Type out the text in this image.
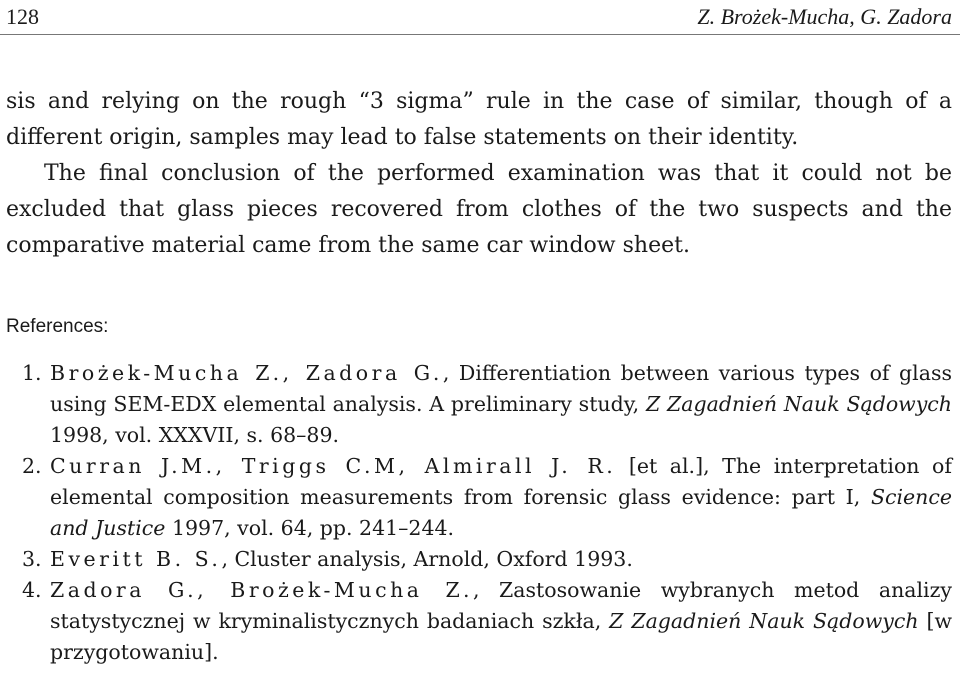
128	Z. Brożek-Mucha, G. Zadora

sis and relying on the rough “3 sigma” rule in the case of similar, though of a different origin, samples may lead to false statements on their identity.

The final conclusion of the performed examination was that it could not be excluded that glass pieces recovered from clothes of the two suspects and the comparative material came from the same car window sheet.

References:
1. Brożek-Mucha Z., Zadora G., Differentiation between various types of glass using SEM-EDX elemental analysis. A preliminary study, Z Zagadnień Nauk Sądowych 1998, vol. XXXVII, s. 68–89.
2. Curran J.M., Triggs C.M, Almirall J. R. [et al.], The interpretation of elemental composition measurements from forensic glass evidence: part I, Science and Justice 1997, vol. 64, pp. 241–244.
3. Everitt B. S., Cluster analysis, Arnold, Oxford 1993.
4. Zadora G., Brożek-Mucha Z., Zastosowanie wybranych metod analizy statystycznej w kryminalistycznych badaniach szkła, Z Zagadnień Nauk Sądowych [w przygotowaniu].
